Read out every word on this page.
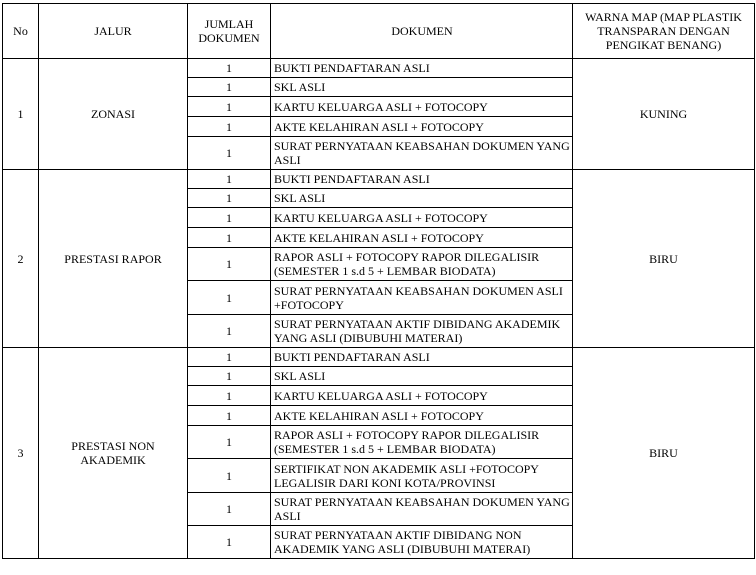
No	JALUR	JUMLAH DOKUMEN	DOKUMEN	WARNA MAP (MAP PLASTIK TRANSPARAN DENGAN PENGIKAT BENANG)
1	ZONASI	1	BUKTI PENDAFTARAN ASLI	KUNING
		1	SKL ASLI	
		1	KARTU KELUARGA ASLI + FOTOCOPY	
		1	AKTE KELAHIRAN ASLI + FOTOCOPY	
		1	SURAT PERNYATAAN KEABSAHAN DOKUMEN YANG ASLI	
2	PRESTASI RAPOR	1	BUKTI PENDAFTARAN ASLI	BIRU
		1	SKL ASLI	
		1	KARTU KELUARGA ASLI + FOTOCOPY	
		1	AKTE KELAHIRAN ASLI + FOTOCOPY	
		1	RAPOR ASLI + FOTOCOPY RAPOR DILEGALISIR (SEMESTER 1 s.d 5 + LEMBAR BIODATA)	
		1	SURAT PERNYATAAN KEABSAHAN DOKUMEN ASLI +FOTOCOPY	
		1	SURAT PERNYATAAN AKTIF DIBIDANG AKADEMIK YANG ASLI (DIBUBUHI MATERAI)	
3	PRESTASI NON AKADEMIK	1	BUKTI PENDAFTARAN ASLI	BIRU
		1	SKL ASLI	
		1	KARTU KELUARGA ASLI + FOTOCOPY	
		1	AKTE KELAHIRAN ASLI + FOTOCOPY	
		1	RAPOR ASLI + FOTOCOPY RAPOR DILEGALISIR (SEMESTER 1 s.d 5 + LEMBAR BIODATA)	
		1	SERTIFIKAT NON AKADEMIK ASLI +FOTOCOPY LEGALISIR DARI KONI KOTA/PROVINSI	
		1	SURAT PERNYATAAN KEABSAHAN DOKUMEN YANG ASLI	
		1	SURAT PERNYATAAN AKTIF DIBIDANG NON AKADEMIK YANG ASLI (DIBUBUHI MATERAI)	
